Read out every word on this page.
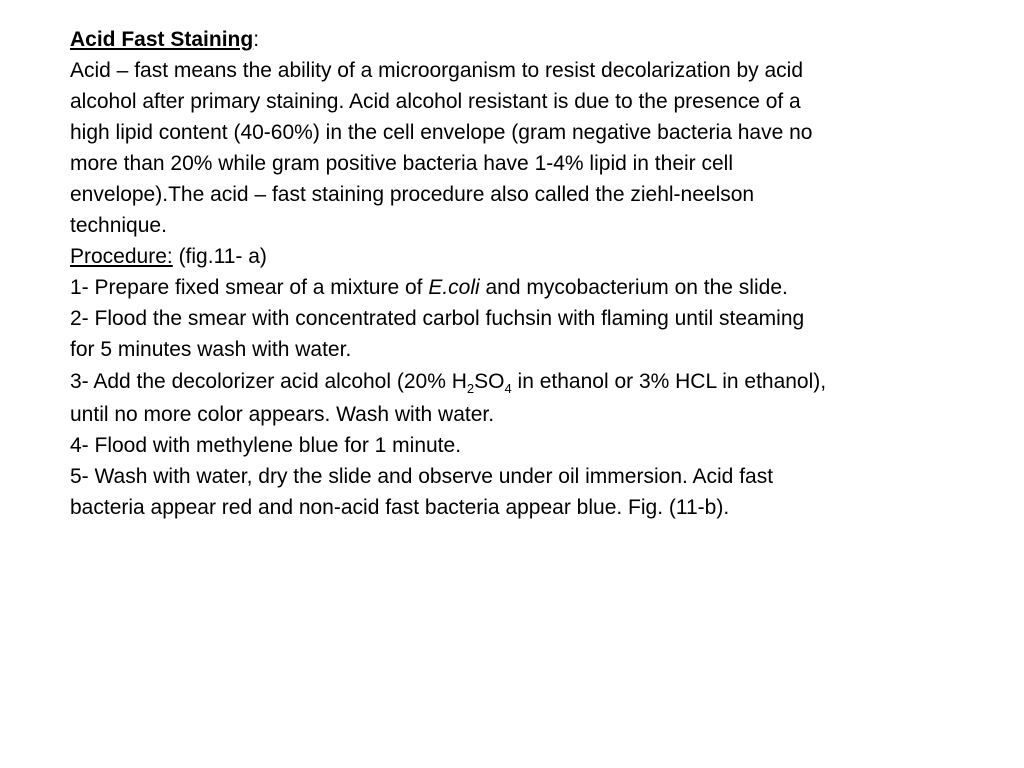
Acid Fast Staining:

Acid – fast means the ability of a microorganism to resist decolarization by acid

alcohol after primary staining. Acid alcohol resistant is due to the presence of a

high lipid content (40-60%) in the cell envelope (gram negative bacteria have no

more than 20% while gram positive bacteria have 1-4% lipid in their cell

envelope).The acid – fast staining procedure also called the ziehl-neelson

technique.

Procedure: (fig.11- a)

1- Prepare fixed smear of a mixture of E.coli and mycobacterium on the slide.

2- Flood the smear with concentrated carbol fuchsin with flaming until steaming

for 5 minutes wash with water.

3- Add the decolorizer acid alcohol (20% $H_2SO_4$ in ethanol or 3% HCL in ethanol),

until no more color appears. Wash with water.

4- Flood with methylene blue for 1 minute.

5- Wash with water, dry the slide and observe under oil immersion. Acid fast

bacteria appear red and non-acid fast bacteria appear blue. Fig. (11-b).
